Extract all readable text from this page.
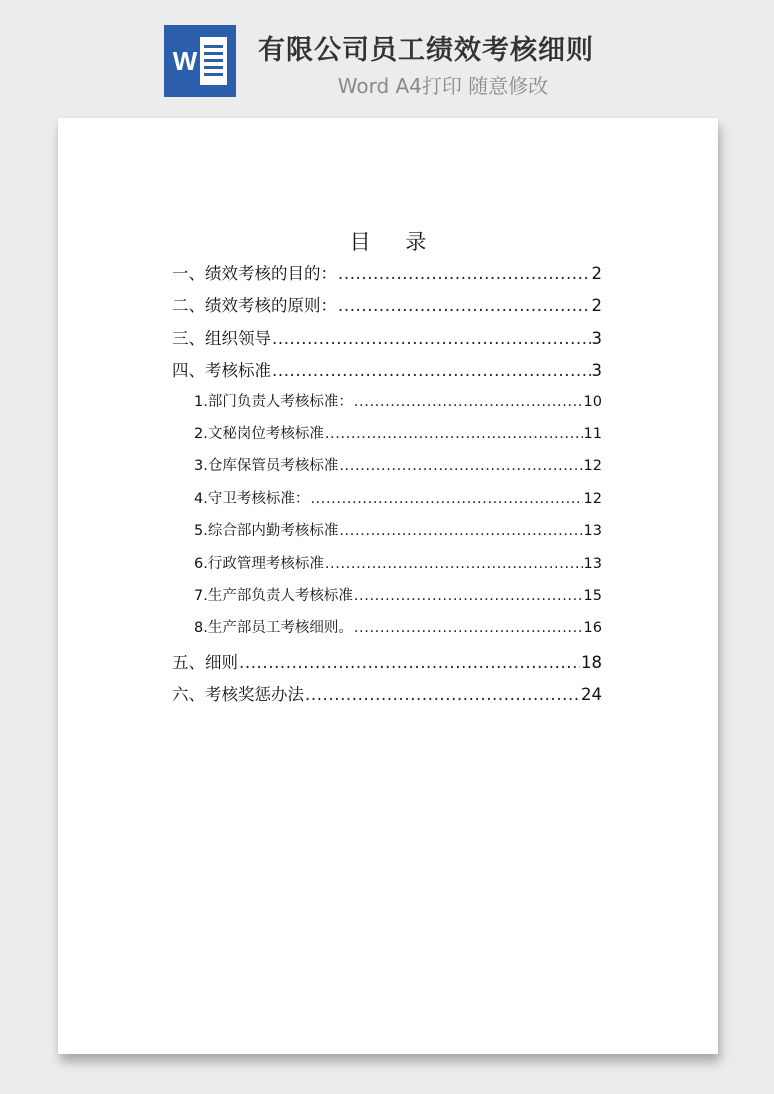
W 有限公司员工绩效考核细则
Word A4打印 随意修改
目 录
一、绩效考核的目的： .....	2
二、绩效考核的原则： .....	2
三、组织领导 .....	3
四、考核标准 .....	3
1.部门负责人考核标准： .....	10
2.文秘岗位考核标准 .....	11
3.仓库保管员考核标准 .....	12
4.守卫考核标准： .....	12
5.综合部内勤考核标准 .....	13
6.行政管理考核标准 .....	13
7.生产部负责人考核标准 .....	15
8.生产部员工考核细则。 .....	16
五、细则 .....	18
六、考核奖惩办法 .....	24
